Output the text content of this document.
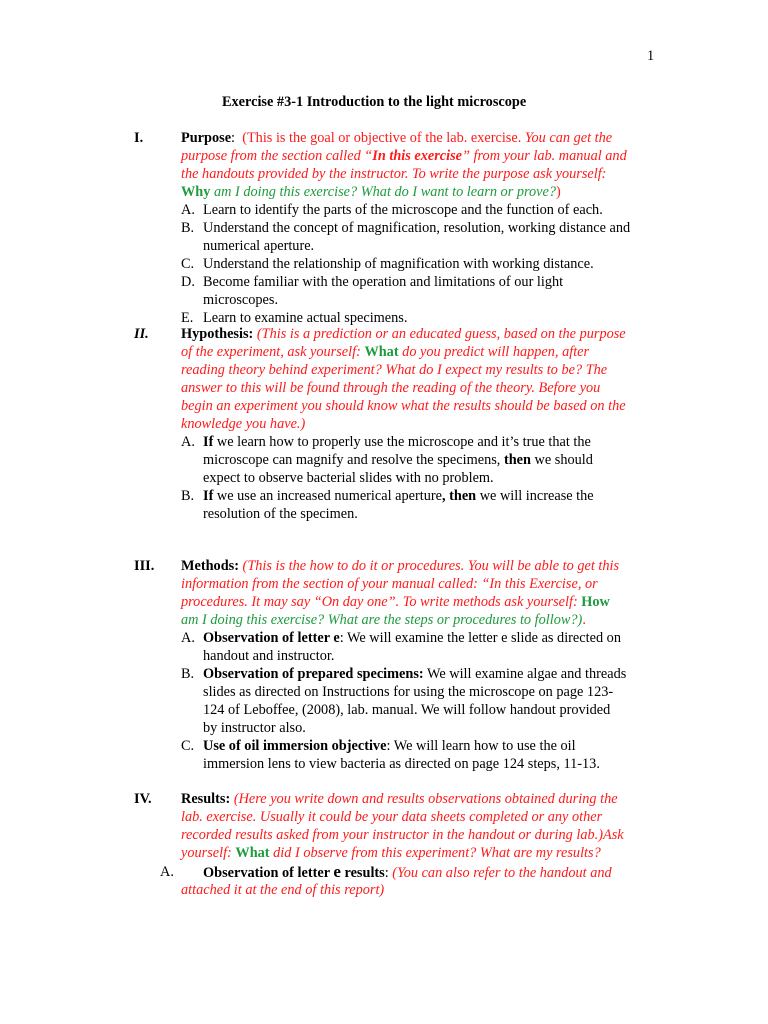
1
Exercise #3-1 Introduction to the light microscope
I.	Purpose: (This is the goal or objective of the lab. exercise. You can get the
purpose from the section called “In this exercise” from your lab. manual and
the handouts provided by the instructor. To write the purpose ask yourself:
Why am I doing this exercise? What do I want to learn or prove?)
A. Learn to identify the parts of the microscope and the function of each.
B. Understand the concept of magnification, resolution, working distance and
numerical aperture.
C. Understand the relationship of magnification with working distance.
D. Become familiar with the operation and limitations of our light
microscopes.
E. Learn to examine actual specimens.
II. Hypothesis: (This is a prediction or an educated guess, based on the purpose
of the experiment, ask yourself: What do you predict will happen, after
reading theory behind experiment? What do I expect my results to be? The
answer to this will be found through the reading of the theory. Before you
begin an experiment you should know what the results should be based on the
knowledge you have.)
A. If we learn how to properly use the microscope and it’s true that the
microscope can magnify and resolve the specimens, then we should
expect to observe bacterial slides with no problem.
B. If we use an increased numerical aperture, then we will increase the
resolution of the specimen.
III. Methods: (This is the how to do it or procedures. You will be able to get this
information from the section of your manual called: “In this Exercise, or
procedures. It may say “On day one”. To write methods ask yourself: How
am I doing this exercise? What are the steps or procedures to follow?).
A. Observation of letter e: We will examine the letter e slide as directed on
handout and instructor.
B. Observation of prepared specimens: We will examine algae and threads
slides as directed on Instructions for using the microscope on page 123-
124 of Leboffee, (2008), lab. manual. We will follow handout provided
by instructor also.
C. Use of oil immersion objective: We will learn how to use the oil
immersion lens to view bacteria as directed on page 124 steps, 11-13.
IV. Results: (Here you write down and results observations obtained during the
lab. exercise. Usually it could be your data sheets completed or any other
recorded results asked from your instructor in the handout or during lab.)Ask
yourself: What did I observe from this experiment? What are my results?
A. Observation of letter e results: (You can also refer to the handout and
attached it at the end of this report)
